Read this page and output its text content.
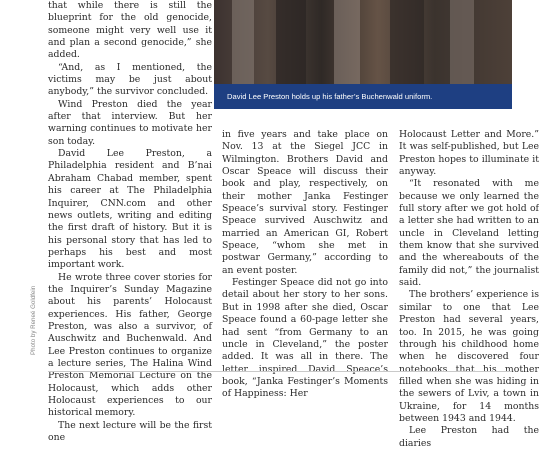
that while there is still the blueprint for the old genocide, someone might very well use it and plan a second genocide,” she added.

“And, as I mentioned, the victims may be just about anybody,” the survivor concluded.

Wind Preston died the year after that interview. But her warning continues to motivate her son today.

David Lee Preston, a Philadelphia resident and B’nai Abraham Chabad member, spent his career at The Philadelphia Inquirer, CNN.com and other news outlets, writing and editing the first draft of history. But it is his personal story that has led to perhaps his best and most important work.

He wrote three cover stories for the Inquirer’s Sunday Magazine about his parents’ Holocaust experiences. His father, George Preston, was also a survivor, of Auschwitz and Buchenwald. And Lee Preston continues to organize a lecture series, The Halina Wind Preston Memorial Lecture on the Holocaust, which adds other Holocaust experiences to our historical memory.

The next lecture will be the first one

David Lee Preston holds up his father’s Buchenwald uniform.

in five years and take place on Nov. 13 at the Siegel JCC in Wilmington. Brothers David and Oscar Speace will discuss their book and play, respectively, on their mother Janka Festinger Speace’s survival story. Festinger Speace survived Auschwitz and married an American GI, Robert Speace, “whom she met in postwar Germany,” according to an event poster.

Festinger Speace did not go into detail about her story to her sons. But in 1998 after she died, Oscar Speace found a 60-page letter she had sent “from Germany to an uncle in Cleveland,” the poster added. It was all in there. The letter inspired David Speace’s book, “Janka Festinger’s Moments of Happiness: Her

Holocaust Letter and More.” It was self-published, but Lee Preston hopes to illuminate it anyway.

“It resonated with me because we only learned the full story after we got hold of a letter she had written to an uncle in Cleveland letting them know that she survived and the whereabouts of the family did not,” the journalist said.

The brothers’ experience is similar to one that Lee Preston had several years, too. In 2015, he was going through his childhood home when he discovered four notebooks that his mother filled when she was hiding in the sewers of Lviv, a town in Ukraine, for 14 months between 1943 and 1944.

Lee Preston had the diaries

Photo by Reneé Goldfein
